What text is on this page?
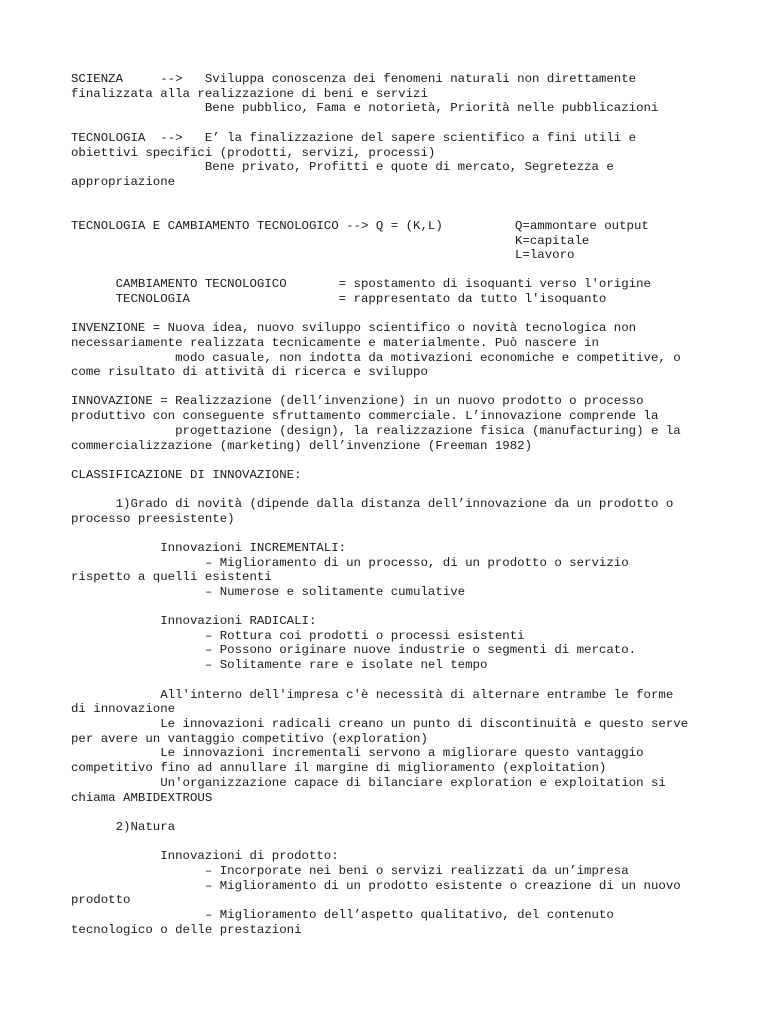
SCIENZA     -->   Sviluppa conoscenza dei fenomeni naturali non direttamente
finalizzata alla realizzazione di beni e servizi
Bene pubblico, Fama e notorietà, Priorità nelle pubblicazioni
TECNOLOGIA  -->   E’ la finalizzazione del sapere scientifico a fini utili e
obiettivi specifici (prodotti, servizi, processi)
Bene privato, Profitti e quote di mercato, Segretezza e
appropriazione
TECNOLOGIA E CAMBIAMENTO TECNOLOGICO --> Q = (K,L)	Q=ammontare output
K=capitale
L=lavoro
CAMBIAMENTO TECNOLOGICO       = spostamento di isoquanti verso l'origine
TECNOLOGIA                    = rappresentato da tutto l'isoquanto
INVENZIONE = Nuova idea, nuovo sviluppo scientifico o novità tecnologica non
necessariamente realizzata tecnicamente e materialmente. Può nascere in
modo casuale, non indotta da motivazioni economiche e competitive, o
come risultato di attività di ricerca e sviluppo
INNOVAZIONE = Realizzazione (dell’invenzione) in un nuovo prodotto o processo
produttivo con conseguente sfruttamento commerciale. L’innovazione comprende la
progettazione (design), la realizzazione fisica (manufacturing) e la
commercializzazione (marketing) dell’invenzione (Freeman 1982)
CLASSIFICAZIONE DI INNOVAZIONE:
1)Grado di novità (dipende dalla distanza dell’innovazione da un prodotto o
processo preesistente)
Innovazioni INCREMENTALI:
– Miglioramento di un processo, di un prodotto o servizio
rispetto a quelli esistenti
– Numerose e solitamente cumulative
Innovazioni RADICALI:
– Rottura coi prodotti o processi esistenti
– Possono originare nuove industrie o segmenti di mercato.
– Solitamente rare e isolate nel tempo
All'interno dell'impresa c'è necessità di alternare entrambe le forme
di innovazione
Le innovazioni radicali creano un punto di discontinuità e questo serve
per avere un vantaggio competitivo (exploration)
Le innovazioni incrementali servono a migliorare questo vantaggio
competitivo fino ad annullare il margine di miglioramento (exploitation)
Un'organizzazione capace di bilanciare exploration e exploitation si
chiama AMBIDEXTROUS
2)Natura
Innovazioni di prodotto:
– Incorporate nei beni o servizi realizzati da un’impresa
– Miglioramento di un prodotto esistente o creazione di un nuovo
prodotto
– Miglioramento dell’aspetto qualitativo, del contenuto
tecnologico o delle prestazioni
